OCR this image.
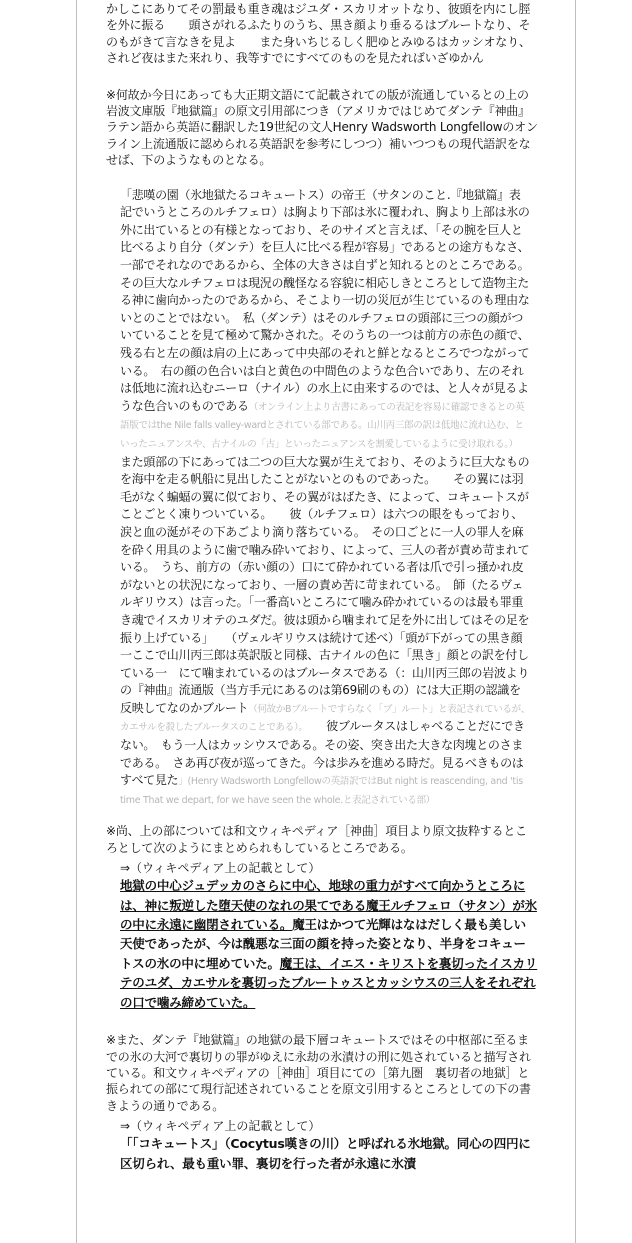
かしこにありてその罰最も重き魂はジユダ・スカリオットなり、彼頭を内にし脛を外に振る　　頭さがれるふたりのうち、黒き顔より垂るるはブルートなり、そのもがきて言なきを見よ　　また身いちじるしく肥ゆとみゆるはカッシオなり、されど夜はまた来れり、我等すでにすべてのものを見たればいざゆかん

※何故か今日にあっても大正期文語にて記載されての版が流通しているとの上の岩波文庫版『地獄篇』の原文引用部につき（アメリカではじめてダンテ『神曲』ラテン語から英語に翻訳した19世紀の文人Henry Wadsworth Longfellowのオンライン上流通版に認められる英語訳を参考にしつつ）補いつつもの現代語訳をなせば、下のようなものとなる。

「悲嘆の園（氷地獄たるコキュートス）の帝王（サタンのこと.『地獄篇』表記でいうところのルチフェロ）は胸より下部は氷に覆われ、胸より上部は氷の外に出ているとの有様となっており、そのサイズと言えば、「その腕を巨人と比べるより自分（ダンテ）を巨人に比べる程が容易」であるとの途方もなさ、一部でそれなのであるから、全体の大きさは自ずと知れるとのところである。　その巨大なルチフェロは現況の醜怪なる容貌に相応しきところとして造物主たる神に歯向かったのであるから、そこより一切の災厄が生じているのも理由ないとのことではない。　私（ダンテ）はそのルチフェロの頭部に三つの顔がついていることを見て極めて驚かされた。そのうちの一つは前方の赤色の顔で、残る右と左の顔は肩の上にあって中央部のそれと鮮となるところでつながっている。　右の顔の色合いは白と黄色の中間色のような色合いであり、左のそれは低地に流れ込むニーロ（ナイル）の水上に由来するのでは、と人々が見るような色合いのものである（オンライン上より古書にあっての表記を容易に確認できるとの英語版ではthe Nile falls valley-wardとされている部である。山川丙三郎の訳は低地に流れ込む、といったニュアンスや、古ナイルの「古」といったニュアンスを割愛しているように受け取れる。）　また頭部の下にあっては二つの巨大な翼が生えており、そのように巨大なものを海中を走る帆船に見出したことがないとのものであった。　　その翼には羽毛がなく蝙蝠の翼に似ており、その翼がはばたき、によって、コキュートスがことごとく凍りついている。　　彼（ルチフェロ）は六つの眼をもっており、涙と血の涎がその下あごより滴り落ちている。　その口ごとに一人の罪人を麻を砕く用具のように歯で噛み砕いており、によって、三人の者が責め苛まれている。　うち、前方の（赤い顔の）口にて砕かれている者は爪で引っ掻かれ皮がないとの状況になっており、一層の責め苦に苛まれている。　師（たるヴェルギリウス）は言った。「一番高いところにて噛み砕かれているのは最も罪重き魂でイスカリオテのユダだ。彼は頭から噛まれて足を外に出してはその足を振り上げている」　　（ヴェルギリウスは続けて述べ）「頭が下がっての黒き顔　一ここで山川丙三郎は英訳版と同様、古ナイルの色に「黒き」顔との訳を付している一　にて噛まれているのはブルータスである（：山川丙三郎の岩波よりの『神曲』流通版（当方手元にあるのは第69刷のもの）には大正期の認識を反映してなのかブルート（何故かBブルートですらなく「ブ」ルート」と表記されているが、カエサルを殺したブルータスのことである）。　　彼ブルータスはしゃべることだにできない。　もう一人はカッシウスである。その姿、突き出た大きな肉塊とのさまである。　さあ再び夜が巡ってきた。今は歩みを進める時だ。見るべきものはすべて見た」(Henry Wadsworth Longfellowの英語訳ではBut night is reascending, and 'tis time That we depart, for we have seen the whole.と表記されている部）

※尚、上の部については和文ウィキペディア［神曲］項目より原文抜粋するところとして次のようにまとめられもしているところである。

⇒（ウィキペディア上の記載として）

地獄の中心ジュデッカのさらに中心、地球の重力がすべて向かうところには、神に叛逆した堕天使のなれの果てである魔王ルチフェロ（サタン）が氷の中に永遠に幽閉されている。魔王はかつて光輝はなはだしく最も美しい天使であったが、今は醜悪な三面の顔を持った姿となり、半身をコキュートスの氷の中に埋めていた。魔王は、イエス・キリストを裏切ったイスカリテのユダ、カエサルを裏切ったブルートゥスとカッシウスの三人をそれぞれの口で噛み締めていた。

※また、ダンテ『地獄篇』の地獄の最下層コキュートスではその中枢部に至るまでの氷の大河で裏切りの罪がゆえに永劫の氷漬けの刑に処されていると描写されている。和文ウィキペディアの［神曲］項目にての［第九圏　裏切者の地獄］と振られての部にて現行記述されていることを原文引用するところとしての下の書きようの通りである。

⇒（ウィキペディア上の記載として）

「「コキュートス」（Cocytus嘆きの川）と呼ばれる氷地獄。同心の四円に区切られ、最も重い罪、裏切を行った者が永遠に氷漬
